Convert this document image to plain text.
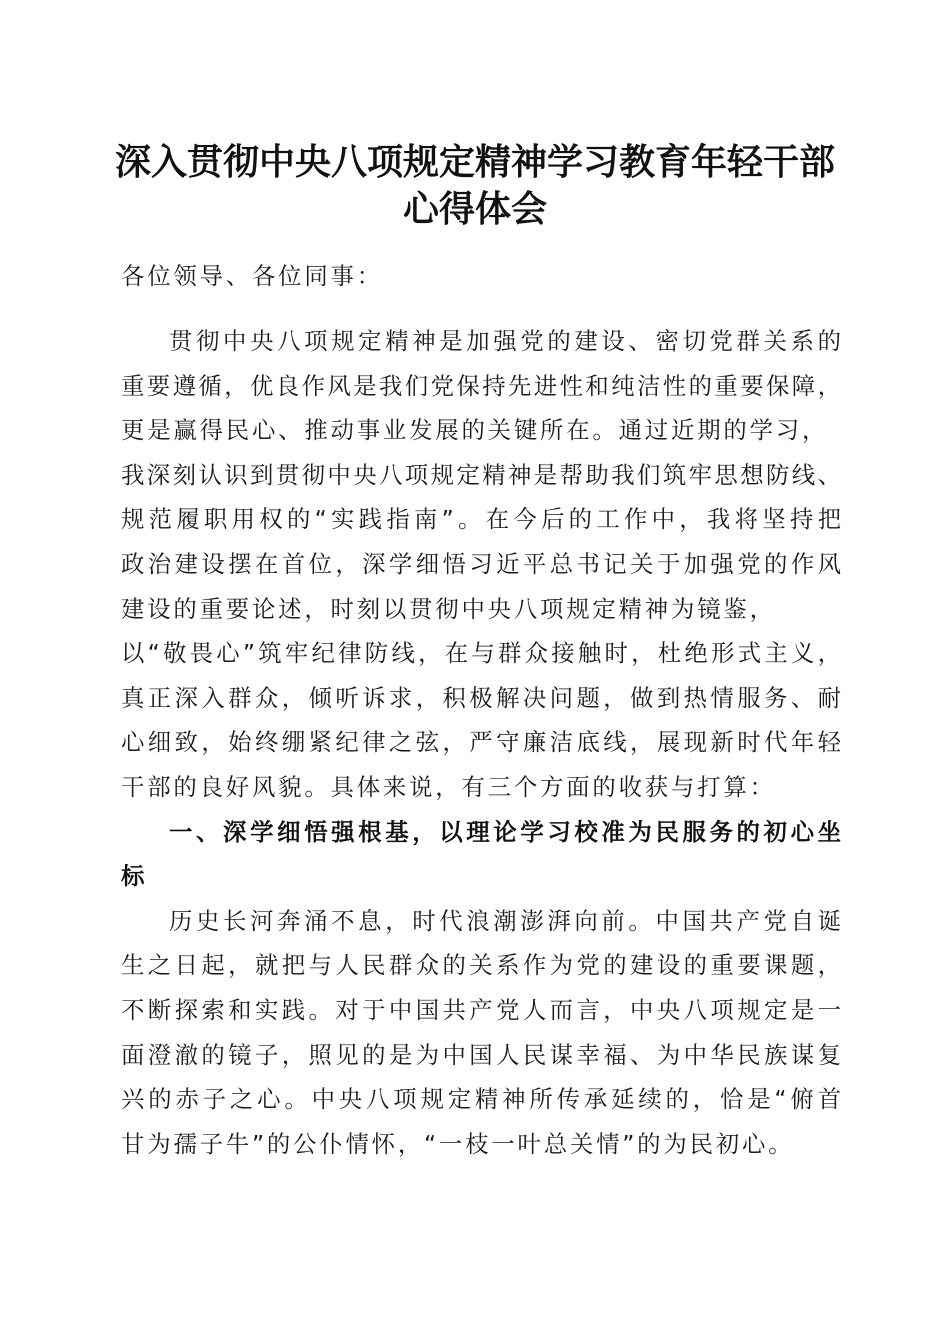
深入贯彻中央八项规定精神学习教育年轻干部
心得体会
各位领导、各位同事：
贯彻中央八项规定精神是加强党的建设、密切党群关系的
重要遵循，优良作风是我们党保持先进性和纯洁性的重要保障，
更是赢得民心、推动事业发展的关键所在。通过近期的学习，
我深刻认识到贯彻中央八项规定精神是帮助我们筑牢思想防线、
规范履职用权的“实践指南”。在今后的工作中，我将坚持把
政治建设摆在首位，深学细悟习近平总书记关于加强党的作风
建设的重要论述，时刻以贯彻中央八项规定精神为镜鉴，
以“敬畏心”筑牢纪律防线，在与群众接触时，杜绝形式主义，
真正深入群众，倾听诉求，积极解决问题，做到热情服务、耐
心细致，始终绷紧纪律之弦，严守廉洁底线，展现新时代年轻
干部的良好风貌。具体来说，有三个方面的收获与打算：
一、深学细悟强根基，以理论学习校准为民服务的初心坐
标
历史长河奔涌不息，时代浪潮澎湃向前。中国共产党自诞
生之日起，就把与人民群众的关系作为党的建设的重要课题，
不断探索和实践。对于中国共产党人而言，中央八项规定是一
面澄澈的镜子，照见的是为中国人民谋幸福、为中华民族谋复
兴的赤子之心。中央八项规定精神所传承延续的，恰是“俯首
甘为孺子牛”的公仆情怀，“一枝一叶总关情”的为民初心。
